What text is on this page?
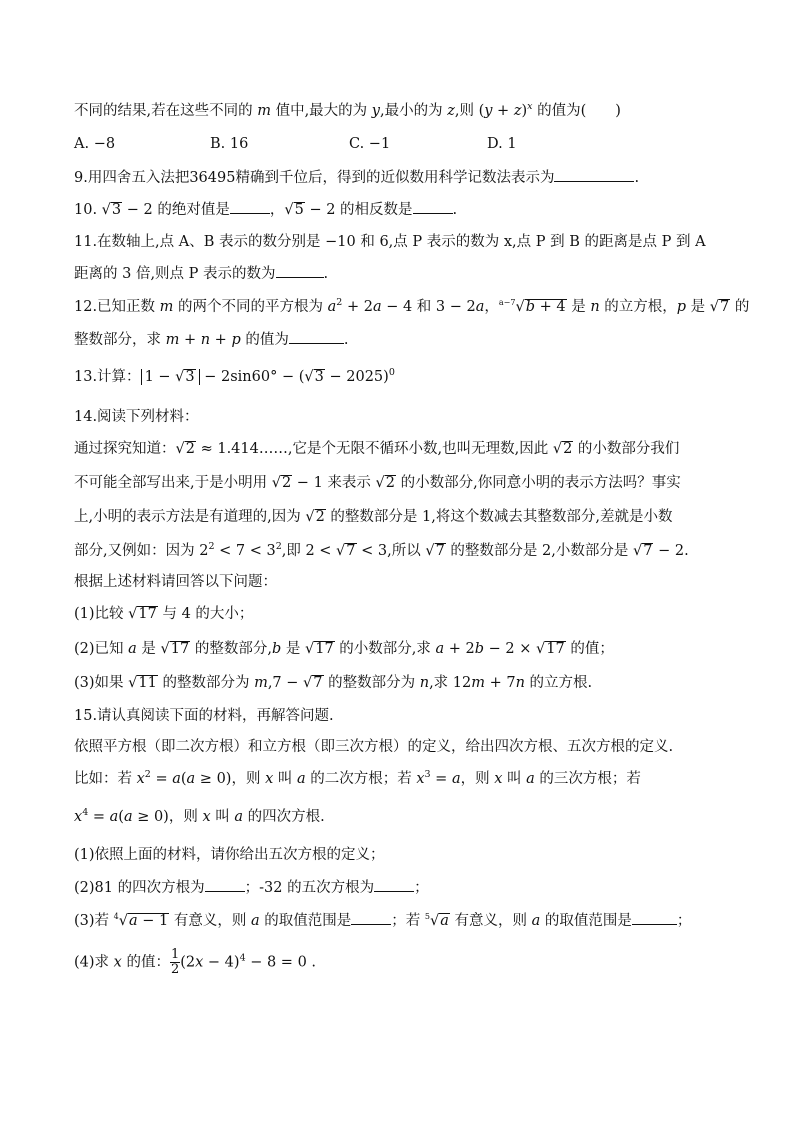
不同的结果,若在这些不同的 m 值中,最大的为 y,最小的为 z,则 $(y + z)^x$ 的值为(　　)
A. −8	B. 16	C. −1	D. 1
9.用四舍五入法把36495精确到千位后，得到的近似数用科学记数法表示为	.
10. √3 − 2 的绝对值是	，√5 − 2 的相反数是	.
11.在数轴上,点 A、B 表示的数分别是 −10 和 6,点 P 表示的数为 x,点 P 到 B 的距离是点 P 到 A
距离的 3 倍,则点 P 表示的数为	.
12.已知正数 m 的两个不同的平方根为 $a^2 + 2a - 4$ 和 3 − 2a，$^{a-7}$√b + 4 是 n 的立方根，p 是 √7 的
整数部分，求 m + n + p 的值为	.
13.计算： $1 - √3 - 2\sin 60^\circ - (√3 - 2025)^0$
14.阅读下列材料：
通过探究知道：√2 ≈ 1.414……,它是个无限不循环小数,也叫无理数,因此 √2 的小数部分我们
不可能全部写出来,于是小明用 √2 − 1 来表示 √2 的小数部分,你同意小明的表示方法吗？事实
上,小明的表示方法是有道理的,因为 √2 的整数部分是 1,将这个数减去其整数部分,差就是小数
部分,又例如：因为 $2^2 < 7 < 3^2$,即 2 < √7 < 3,所以 √7 的整数部分是 2,小数部分是 √7 − 2.
根据上述材料请回答以下问题：
(1)比较 √17 与 4 的大小；
(2)已知 a 是 √17 的整数部分,b 是 √17 的小数部分,求 a + 2b − 2 × √17 的值；
(3)如果 √11 的整数部分为 m,7 − √7 的整数部分为 n,求 12m + 7n 的立方根.
15.请认真阅读下面的材料，再解答问题.
依照平方根（即二次方根）和立方根（即三次方根）的定义，给出四次方根、五次方根的定义.
比如：若 $x^2 = a(a \ge 0)$，则 x 叫 a 的二次方根；若 $x^3 = a$，则 x 叫 a 的三次方根；若
$x^4 = a(a \ge 0)$，则 x 叫 a 的四次方根.
(1)依照上面的材料，请你给出五次方根的定义；
(2)81 的四次方根为	；-32 的五次方根为	；
(3)若 $^4$√a − 1 有意义，则 a 的取值范围是	；若 $^5$√a 有意义，则 a 的取值范围是	；
(4)求 x 的值： $\frac{1}{2} (2x - 4)^4 - 8 = 0$ .
